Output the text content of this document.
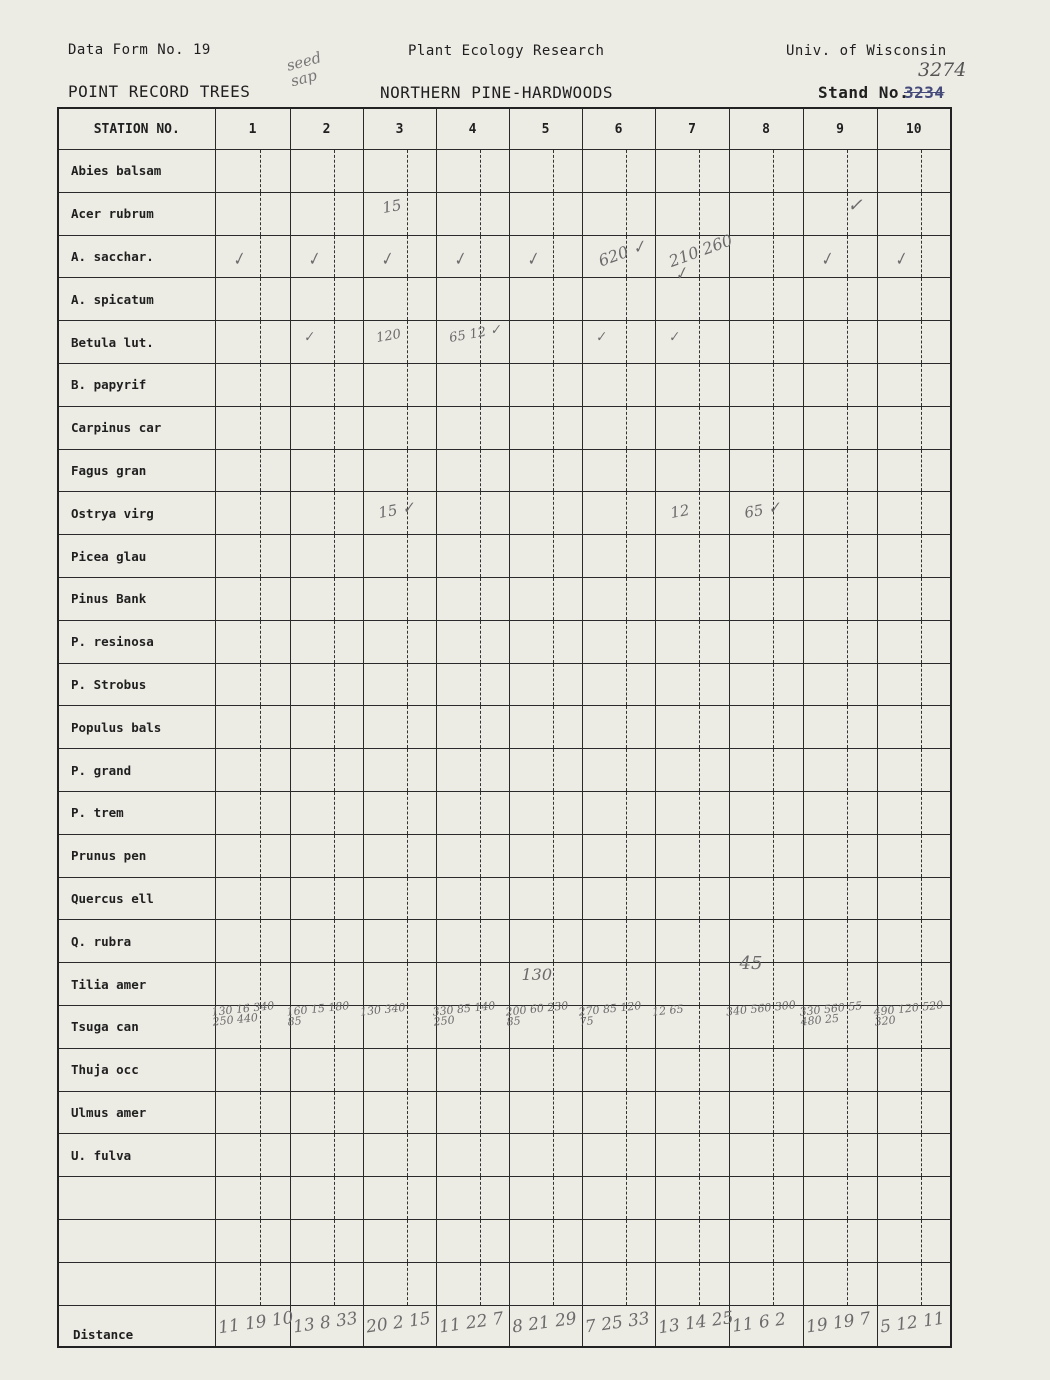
Data Form No. 19	Plant Ecology Research	Univ. of Wisconsin
seed sap
POINT RECORD TREES	NORTHERN PINE-HARDWOODS	Stand No.
3234
3274
STATION NO.	1	2	3	4	5	6	7	8	9	10
Abies balsam	

Acer rubrum			15						✓	

A. sacchar.	✓	✓	✓	✓	✓	620 ✓	210 260 ✓		✓	✓

A. spicatum	

Betula lut.		✓	120	65 12 ✓		✓	✓			

B. papyrif	

Carpinus car	

Fagus gran	

Ostrya virg			15 ✓				12	65 ✓		

Picea glau	

Pinus Bank	

P. resinosa	

P. Strobus	

Populus bals	

P. grand	

P. trem	

Prunus pen	

Quercus ell	

Q. rubra	

Tilia amer					130			45		

Tsuga can	130 16 340 250 440	160 15 180 85	130 340	330 85 140 250	200 60 230 85	270 85 120 75	12 65	340 560 300	330 560 55 480 25	490 120 520 320

Thuja occ	

Ulmus amer	

U. fulva	

Distance	11 19 10	13 8 33	20 2 15	11 22 7	8 21 29	7 25 33	13 14 25	11 6 2	19 19 7	5 12 11
